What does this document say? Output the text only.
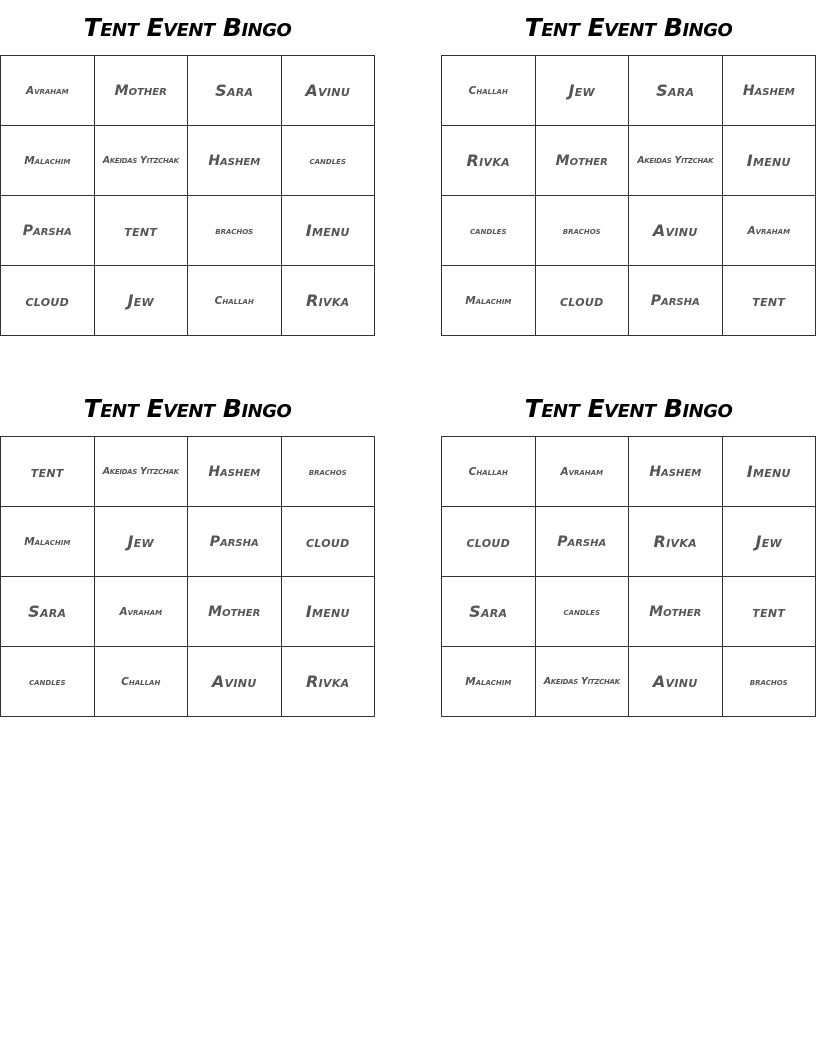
Tent Event Bingo
Avraham	Mother	Sara	Avinu
Malachim	Akeidas Yitzchak	Hashem	candles
Parsha	tent	brachos	Imenu
cloud	Jew	Challah	Rivka
Tent Event Bingo
Challah	Jew	Sara	Hashem
Rivka	Mother	Akeidas Yitzchak	Imenu
candles	brachos	Avinu	Avraham
Malachim	cloud	Parsha	tent
Tent Event Bingo
tent	Akeidas Yitzchak	Hashem	brachos
Malachim	Jew	Parsha	cloud
Sara	Avraham	Mother	Imenu
candles	Challah	Avinu	Rivka
Tent Event Bingo
Challah	Avraham	Hashem	Imenu
cloud	Parsha	Rivka	Jew
Sara	candles	Mother	tent
Malachim	Akeidas Yitzchak	Avinu	brachos
